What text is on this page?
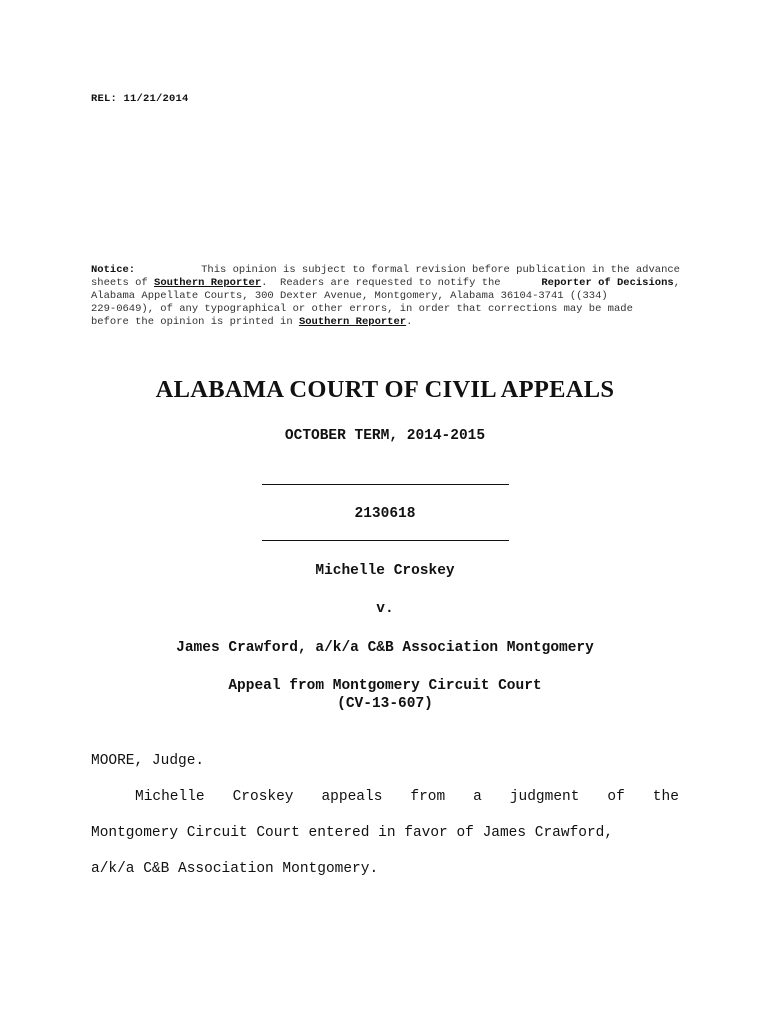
REL: 11/21/2014
Notice:	This opinion is subject to formal revision before publication in the advance
sheets of Southern Reporter.  Readers are requested to notify the	Reporter of Decisions,
Alabama Appellate Courts, 300 Dexter Avenue, Montgomery, Alabama 36104-3741 ((334)
229-0649), of any typographical or other errors, in order that corrections may be made
before the opinion is printed in
Southern Reporter .
ALABAMA COURT OF CIVIL APPEALS
OCTOBER TERM, 2014-2015
2130618
Michelle Croskey
v.
James Crawford, a/k/a C&B Association Montgomery
Appeal from Montgomery Circuit Court
(CV-13-607)
MOORE, Judge.
Michelle Croskey appeals from a judgment of the
Montgomery Circuit Court entered in favor of James Crawford,
a/k/a C&B Association Montgomery.
